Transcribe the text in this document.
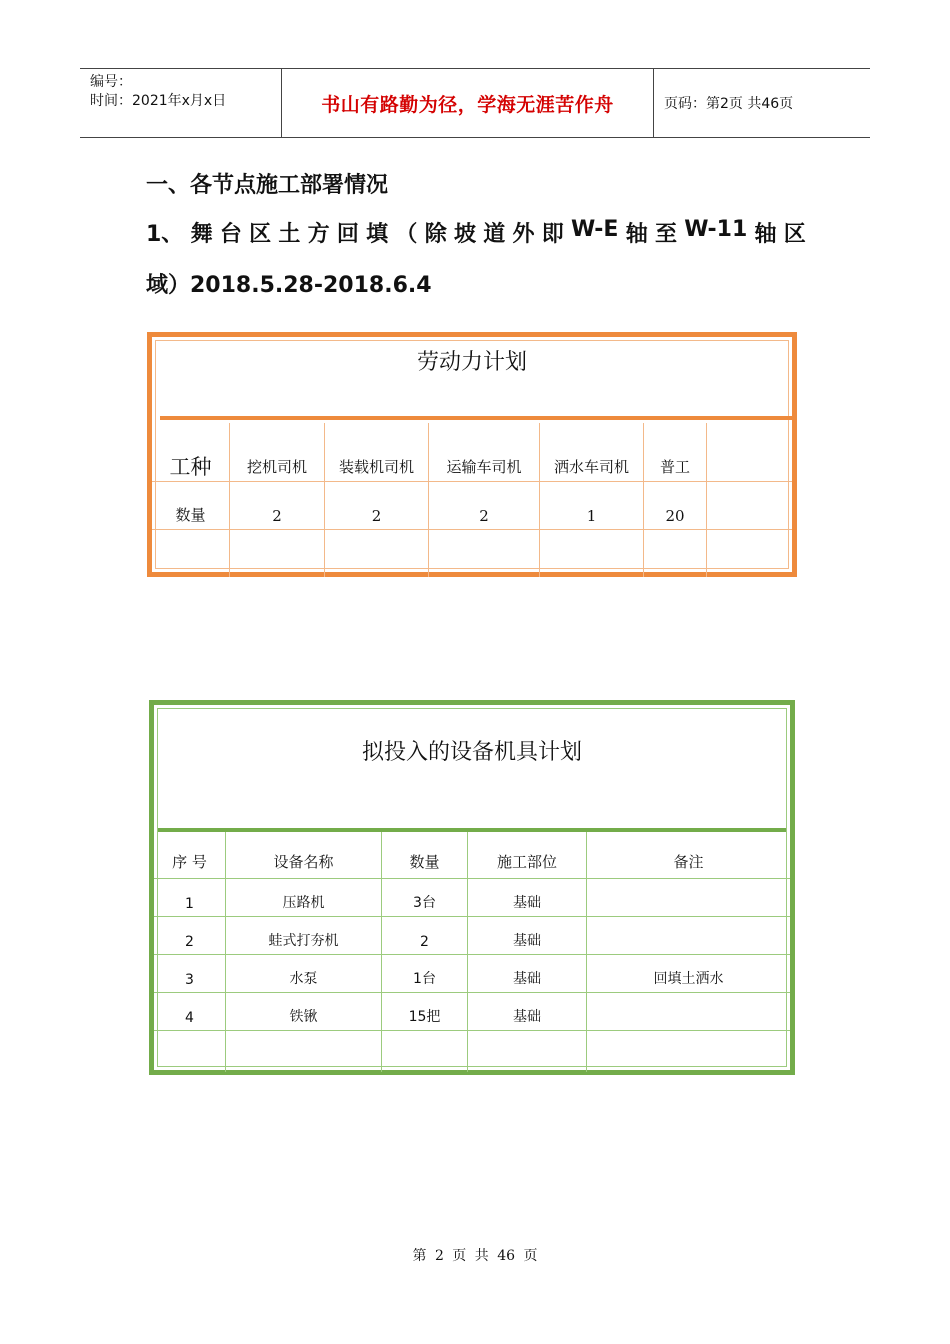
编号：
时间：2021年x月x日	书山有路勤为径，学海无涯苦作舟	页码：第2页 共46页
一、各节点施工部署情况
1、 舞 台 区 土 方 回 填 （ 除 坡 道 外 即 W-E 轴 至 W-11 轴 区
域）2018.5.28-2018.6.4
劳动力计划
工种	挖机司机	装载机司机	运输车司机	洒水车司机	普工
数量	2	2	2	1	20
拟投入的设备机具计划
序 号	设备名称	数量	施工部位	备注
1	压路机	3台	基础
2	蛙式打夯机	2	基础
3	水泵	1台	基础	回填土洒水
4	铁锹	15把	基础
第 2 页 共 46 页
